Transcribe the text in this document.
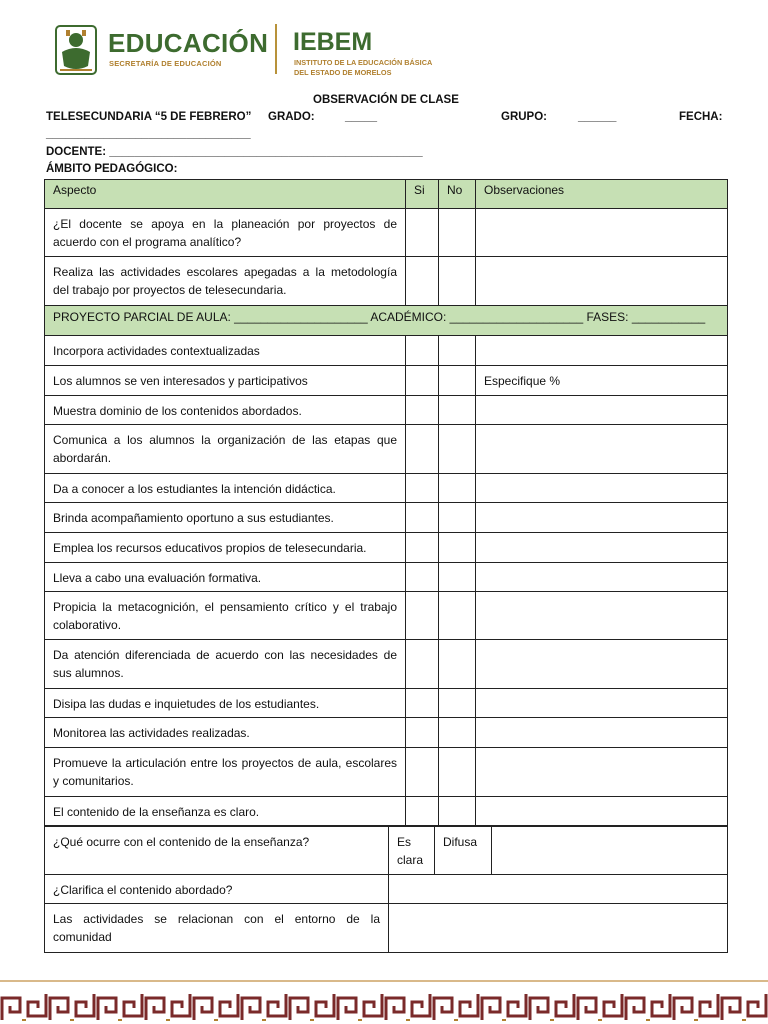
EDUCACIÓN
SECRETARÍA DE EDUCACIÓN
IEBEM
INSTITUTO DE LA EDUCACIÓN BÁSICA
DEL ESTADO DE MORELOS
OBSERVACIÓN DE CLASE
TELESECUNDARIA “5 DE FEBRERO” GRADO:	_____	GRUPO:	______	FECHA:
________________________________
DOCENTE: _________________________________________________
ÁMBITO PEDAGÓGICO:
Aspecto	Si	No	Observaciones
¿El docente se apoya en la planeación por proyectos de acuerdo con el programa analítico?			
Realiza las actividades escolares apegadas a la metodología del trabajo por proyectos de telesecundaria.			
PROYECTO PARCIAL DE AULA: ____________________ ACADÉMICO: ____________________ FASES: ___________			
Incorpora actividades contextualizadas			
Los alumnos se ven interesados y participativos			Especifique %
Muestra dominio de los contenidos abordados.			
Comunica a los alumnos la organización de las etapas que abordarán.			
Da a conocer a los estudiantes la intención didáctica.			
Brinda acompañamiento oportuno a sus estudiantes.			
Emplea los recursos educativos propios de telesecundaria.			
Lleva a cabo una evaluación formativa.			
Propicia la metacognición, el pensamiento crítico y el trabajo colaborativo.			
Da atención diferenciada de acuerdo con las necesidades de sus alumnos.			
Disipa las dudas e inquietudes de los estudiantes.			
Monitorea las actividades realizadas.			
Promueve la articulación entre los proyectos de aula, escolares y comunitarios.			
El contenido de la enseñanza es claro.			
¿Qué ocurre con el contenido de la enseñanza?	Es clara	Difusa	
¿Clarifica el contenido abordado?			
Las actividades se relacionan con el entorno de la comunidad			
